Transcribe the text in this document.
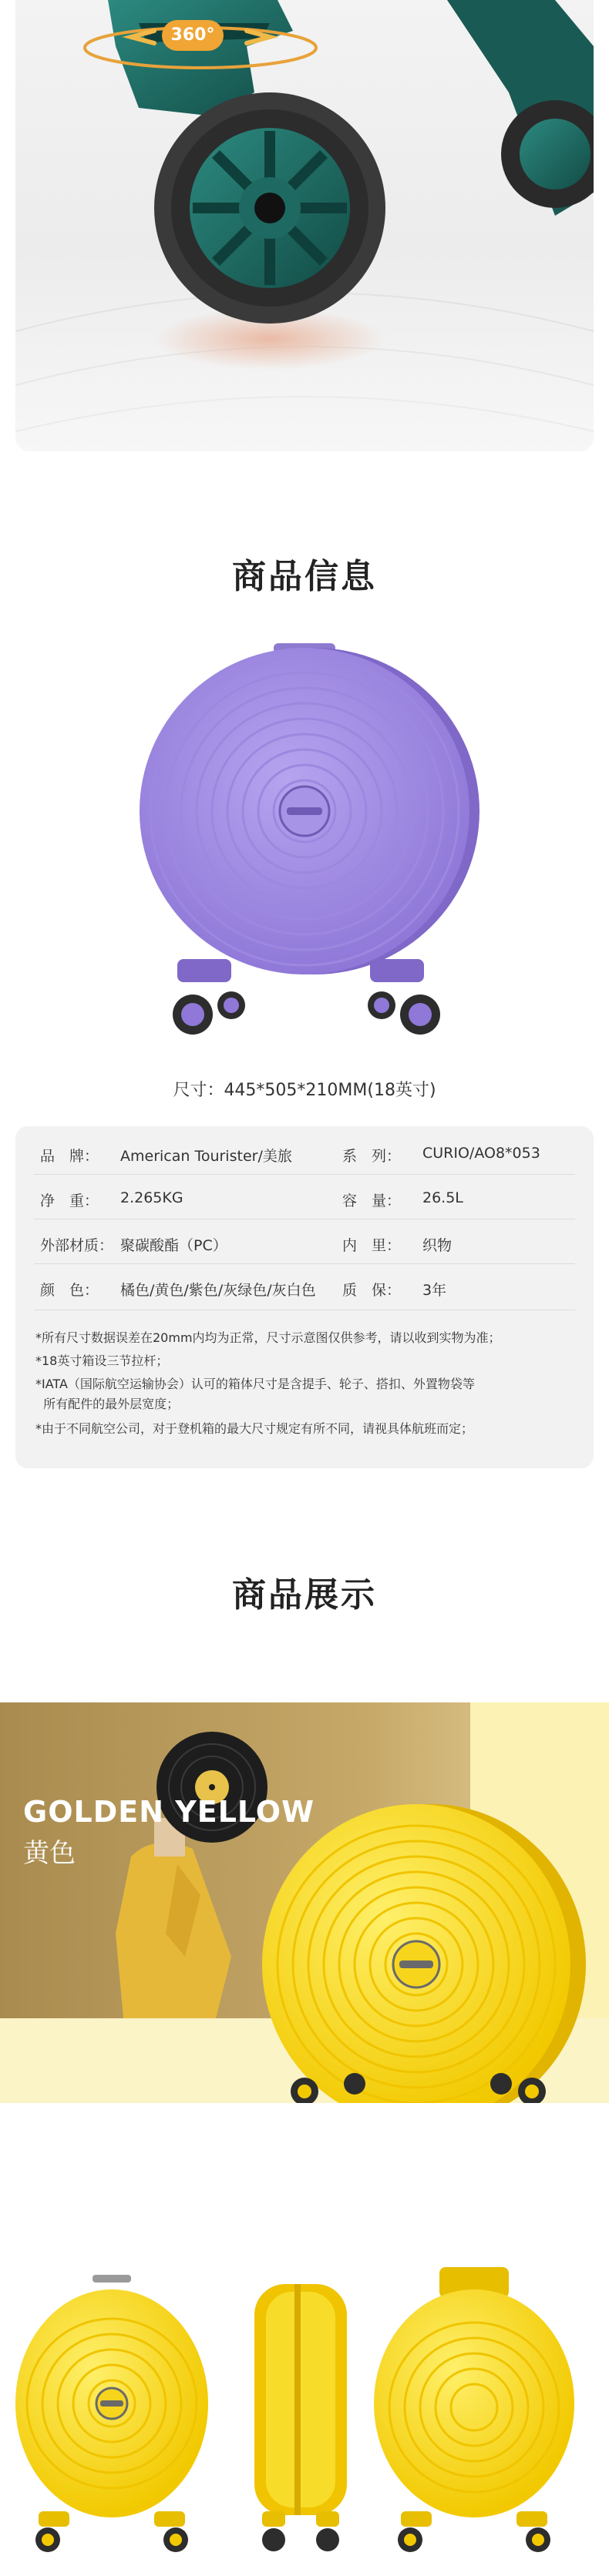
360°
商品信息
尺寸：445*505*210MM(18英寸)
品　牌： American Tourister/美旅	系　列： CURIO/AO8*053
净　重： 2.265KG	容　量： 26.5L
外部材质： 聚碳酸酯（PC）	内　里： 织物
颜　色： 橘色/黄色/紫色/灰绿色/灰白色 质　保： 3年
*所有尺寸数据误差在20mm内均为正常，尺寸示意图仅供参考，请以收到实物为准；
*18英寸箱设三节拉杆；
*IATA（国际航空运输协会）认可的箱体尺寸是含提手、轮子、搭扣、外置物袋等
所有配件的最外层宽度；
*由于不同航空公司，对于登机箱的最大尺寸规定有所不同，请视具体航班而定；
商品展示
GOLDEN YELLOW
黄色
